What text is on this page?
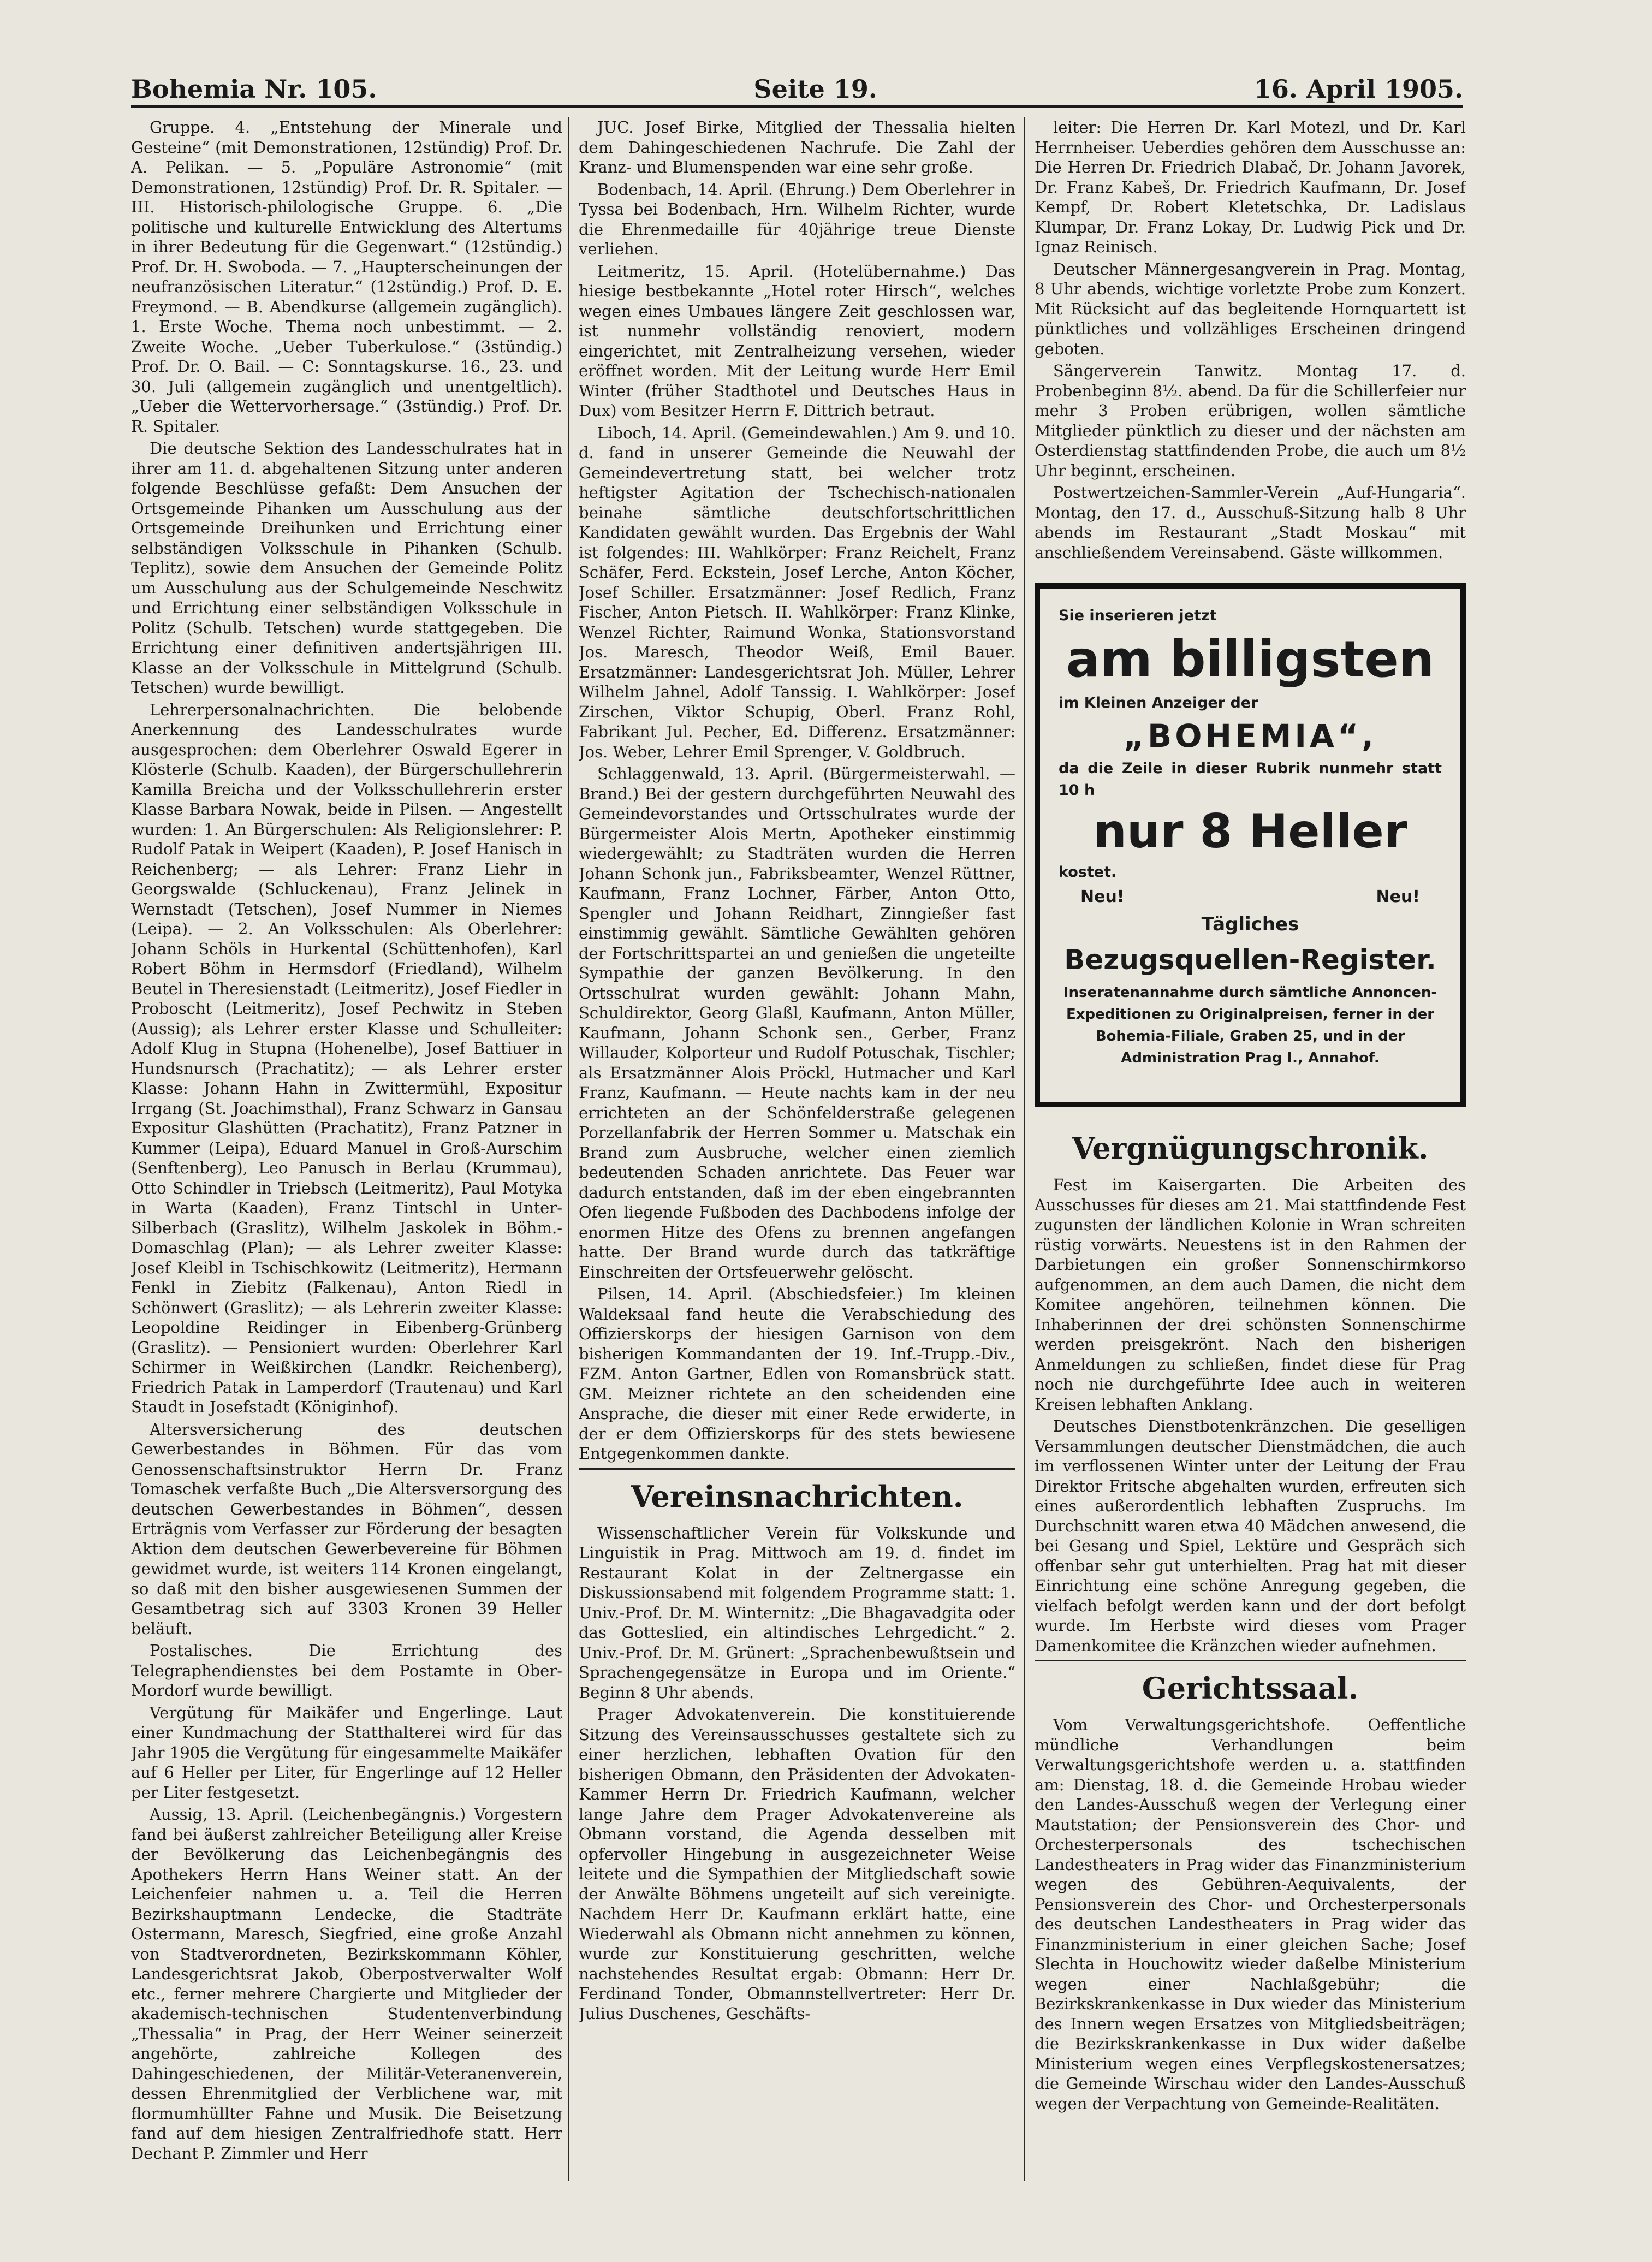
Bohemia Nr. 105.	Seite 19.	16. April 1905.

Gruppe. 4. „Entstehung der Minerale und Gesteine“ (mit Demonstrationen, 12stündig) Prof. Dr. A. Pelikan. — 5. „Populäre Astronomie“ (mit Demonstrationen, 12stündig) Prof. Dr. R. Spitaler. — III. Historisch-philologische Gruppe. 6. „Die politische und kulturelle Entwicklung des Altertums in ihrer Bedeutung für die Gegenwart.“ (12stündig.) Prof. Dr. H. Swoboda. — 7. „Haupterscheinungen der neufranzösischen Literatur.“ (12stündig.) Prof. D. E. Freymond. — B. Abendkurse (allgemein zugänglich). 1. Erste Woche. Thema noch unbestimmt. — 2. Zweite Woche. „Ueber Tuberkulose.“ (3stündig.) Prof. Dr. O. Bail. — C: Sonntagskurse. 16., 23. und 30. Juli (allgemein zugänglich und unentgeltlich). „Ueber die Wettervorhersage.“ (3stündig.) Prof. Dr. R. Spitaler.

Die deutsche Sektion des Landesschulrates hat in ihrer am 11. d. abgehaltenen Sitzung unter anderen folgende Beschlüsse gefaßt: Dem Ansuchen der Ortsgemeinde Pihanken um Ausschulung aus der Ortsgemeinde Dreihunken und Errichtung einer selbständigen Volksschule in Pihanken (Schulb. Teplitz), sowie dem Ansuchen der Gemeinde Politz um Ausschulung aus der Schulgemeinde Neschwitz und Errichtung einer selbständigen Volksschule in Politz (Schulb. Tetschen) wurde stattgegeben. Die Errichtung einer definitiven andertsjährigen III. Klasse an der Volksschule in Mittelgrund (Schulb. Tetschen) wurde bewilligt.

Lehrerpersonalnachrichten. Die belobende Anerkennung des Landesschulrates wurde ausgesprochen: dem Oberlehrer Oswald Egerer in Klösterle (Schulb. Kaaden), der Bürgerschullehrerin Kamilla Breicha und der Volksschullehrerin erster Klasse Barbara Nowak, beide in Pilsen. — Angestellt wurden: 1. An Bürgerschulen: Als Religionslehrer: P. Rudolf Patak in Weipert (Kaaden), P. Josef Hanisch in Reichenberg; — als Lehrer: Franz Liehr in Georgswalde (Schluckenau), Franz Jelinek in Wernstadt (Tetschen), Josef Nummer in Niemes (Leipa). — 2. An Volksschulen: Als Oberlehrer: Johann Schöls in Hurkental (Schüttenhofen), Karl Robert Böhm in Hermsdorf (Friedland), Wilhelm Beutel in Theresienstadt (Leitmeritz), Josef Fiedler in Proboscht (Leitmeritz), Josef Pechwitz in Steben (Aussig); als Lehrer erster Klasse und Schulleiter: Adolf Klug in Stupna (Hohenelbe), Josef Battiuer in Hundsnursch (Prachatitz); — als Lehrer erster Klasse: Johann Hahn in Zwittermühl, Expositur Irrgang (St. Joachimsthal), Franz Schwarz in Gansau Expositur Glashütten (Prachatitz), Franz Patzner in Kummer (Leipa), Eduard Manuel in Groß-Aurschim (Senftenberg), Leo Panusch in Berlau (Krummau), Otto Schindler in Triebsch (Leitmeritz), Paul Motyka in Warta (Kaaden), Franz Tintschl in Unter-Silberbach (Graslitz), Wilhelm Jaskolek in Böhm.-Domaschlag (Plan); — als Lehrer zweiter Klasse: Josef Kleibl in Tschischkowitz (Leitmeritz), Hermann Fenkl in Ziebitz (Falkenau), Anton Riedl in Schönwert (Graslitz); — als Lehrerin zweiter Klasse: Leopoldine Reidinger in Eibenberg-Grünberg (Graslitz). — Pensioniert wurden: Oberlehrer Karl Schirmer in Weißkirchen (Landkr. Reichenberg), Friedrich Patak in Lamperdorf (Trautenau) und Karl Staudt in Josefstadt (Königinhof).

Altersversicherung des deutschen Gewerbestandes in Böhmen. Für das vom Genossenschaftsinstruktor Herrn Dr. Franz Tomaschek verfaßte Buch „Die Altersversorgung des deutschen Gewerbestandes in Böhmen“, dessen Erträgnis vom Verfasser zur Förderung der besagten Aktion dem deutschen Gewerbevereine für Böhmen gewidmet wurde, ist weiters 114 Kronen eingelangt, so daß mit den bisher ausgewiesenen Summen der Gesamtbetrag sich auf 3303 Kronen 39 Heller beläuft.

Postalisches. Die Errichtung des Telegraphendienstes bei dem Postamte in Ober-Mordorf wurde bewilligt.

Vergütung für Maikäfer und Engerlinge. Laut einer Kundmachung der Statthalterei wird für das Jahr 1905 die Vergütung für eingesammelte Maikäfer auf 6 Heller per Liter, für Engerlinge auf 12 Heller per Liter festgesetzt.

Aussig, 13. April. (Leichenbegängnis.) Vorgestern fand bei äußerst zahlreicher Beteiligung aller Kreise der Bevölkerung das Leichenbegängnis des Apothekers Herrn Hans Weiner statt. An der Leichenfeier nahmen u. a. Teil die Herren Bezirkshauptmann Lendecke, die Stadträte Ostermann, Maresch, Siegfried, eine große Anzahl von Stadtverordneten, Bezirkskommann Köhler, Landesgerichtsrat Jakob, Oberpostverwalter Wolf etc., ferner mehrere Chargierte und Mitglieder der akademisch-technischen Studentenverbindung „Thessalia“ in Prag, der Herr Weiner seinerzeit angehörte, zahlreiche Kollegen des Dahingeschiedenen, der Militär-Veteranenverein, dessen Ehrenmitglied der Verblichene war, mit flormumhüllter Fahne und Musik. Die Beisetzung fand auf dem hiesigen Zentralfriedhofe statt. Herr Dechant P. Zimmler und Herr

JUC. Josef Birke, Mitglied der Thessalia hielten dem Dahingeschiedenen Nachrufe. Die Zahl der Kranz- und Blumenspenden war eine sehr große.

Bodenbach, 14. April. (Ehrung.) Dem Oberlehrer in Tyssa bei Bodenbach, Hrn. Wilhelm Richter, wurde die Ehrenmedaille für 40jährige treue Dienste verliehen.

Leitmeritz, 15. April. (Hotelübernahme.) Das hiesige bestbekannte „Hotel roter Hirsch“, welches wegen eines Umbaues längere Zeit geschlossen war, ist nunmehr vollständig renoviert, modern eingerichtet, mit Zentralheizung versehen, wieder eröffnet worden. Mit der Leitung wurde Herr Emil Winter (früher Stadthotel und Deutsches Haus in Dux) vom Besitzer Herrn F. Dittrich betraut.

Liboch, 14. April. (Gemeindewahlen.) Am 9. und 10. d. fand in unserer Gemeinde die Neuwahl der Gemeindevertretung statt, bei welcher trotz heftigster Agitation der Tschechisch-nationalen beinahe sämtliche deutschfortschrittlichen Kandidaten gewählt wurden. Das Ergebnis der Wahl ist folgendes: III. Wahlkörper: Franz Reichelt, Franz Schäfer, Ferd. Eckstein, Josef Lerche, Anton Köcher, Josef Schiller. Ersatzmänner: Josef Redlich, Franz Fischer, Anton Pietsch. II. Wahlkörper: Franz Klinke, Wenzel Richter, Raimund Wonka, Stationsvorstand Jos. Maresch, Theodor Weiß, Emil Bauer. Ersatzmänner: Landesgerichtsrat Joh. Müller, Lehrer Wilhelm Jahnel, Adolf Tanssig. I. Wahlkörper: Josef Zirschen, Viktor Schupig, Oberl. Franz Rohl, Fabrikant Jul. Pecher, Ed. Differenz. Ersatzmänner: Jos. Weber, Lehrer Emil Sprenger, V. Goldbruch.

Schlaggenwald, 13. April. (Bürgermeisterwahl. — Brand.) Bei der gestern durchgeführten Neuwahl des Gemeindevorstandes und Ortsschulrates wurde der Bürgermeister Alois Mertn, Apotheker einstimmig wiedergewählt; zu Stadträten wurden die Herren Johann Schonk jun., Fabriksbeamter, Wenzel Rüttner, Kaufmann, Franz Lochner, Färber, Anton Otto, Spengler und Johann Reidhart, Zinngießer fast einstimmig gewählt. Sämtliche Gewählten gehören der Fortschrittspartei an und genießen die ungeteilte Sympathie der ganzen Bevölkerung. In den Ortsschulrat wurden gewählt: Johann Mahn, Schuldirektor, Georg Glaßl, Kaufmann, Anton Müller, Kaufmann, Johann Schonk sen., Gerber, Franz Willauder, Kolporteur und Rudolf Potuschak, Tischler; als Ersatzmänner Alois Pröckl, Hutmacher und Karl Franz, Kaufmann. — Heute nachts kam in der neu errichteten an der Schönfelderstraße gelegenen Porzellanfabrik der Herren Sommer u. Matschak ein Brand zum Ausbruche, welcher einen ziemlich bedeutenden Schaden anrichtete. Das Feuer war dadurch entstanden, daß im der eben eingebrannten Ofen liegende Fußboden des Dachbodens infolge der enormen Hitze des Ofens zu brennen angefangen hatte. Der Brand wurde durch das tatkräftige Einschreiten der Ortsfeuerwehr gelöscht.

Pilsen, 14. April. (Abschiedsfeier.) Im kleinen Waldeksaal fand heute die Verabschiedung des Offizierskorps der hiesigen Garnison von dem bisherigen Kommandanten der 19. Inf.-Trupp.-Div., FZM. Anton Gartner, Edlen von Romansbrück statt. GM. Meizner richtete an den scheidenden eine Ansprache, die dieser mit einer Rede erwiderte, in der er dem Offizierskorps für des stets bewiesene Entgegenkommen dankte.

Vereinsnachrichten.

Wissenschaftlicher Verein für Volkskunde und Linguistik in Prag. Mittwoch am 19. d. findet im Restaurant Kolat in der Zeltnergasse ein Diskussionsabend mit folgendem Programme statt: 1. Univ.-Prof. Dr. M. Winternitz: „Die Bhagavadgita oder das Gotteslied, ein altindisches Lehrgedicht.“ 2. Univ.-Prof. Dr. M. Grünert: „Sprachenbewußtsein und Sprachengegensätze in Europa und im Oriente.“ Beginn 8 Uhr abends.

Prager Advokatenverein. Die konstituierende Sitzung des Vereinsausschusses gestaltete sich zu einer herzlichen, lebhaften Ovation für den bisherigen Obmann, den Präsidenten der Advokaten-Kammer Herrn Dr. Friedrich Kaufmann, welcher lange Jahre dem Prager Advokatenvereine als Obmann vorstand, die Agenda desselben mit opfervoller Hingebung in ausgezeichneter Weise leitete und die Sympathien der Mitgliedschaft sowie der Anwälte Böhmens ungeteilt auf sich vereinigte. Nachdem Herr Dr. Kaufmann erklärt hatte, eine Wiederwahl als Obmann nicht annehmen zu können, wurde zur Konstituierung geschritten, welche nachstehendes Resultat ergab: Obmann: Herr Dr. Ferdinand Tonder, Obmannstellvertreter: Herr Dr. Julius Duschenes, Geschäfts-

leiter: Die Herren Dr. Karl Motezl, und Dr. Karl Herrnheiser. Ueberdies gehören dem Ausschusse an: Die Herren Dr. Friedrich Dlabač, Dr. Johann Javorek, Dr. Franz Kabeš, Dr. Friedrich Kaufmann, Dr. Josef Kempf, Dr. Robert Kletetschka, Dr. Ladislaus Klumpar, Dr. Franz Lokay, Dr. Ludwig Pick und Dr. Ignaz Reinisch.

Deutscher Männergesangverein in Prag. Montag, 8 Uhr abends, wichtige vorletzte Probe zum Konzert. Mit Rücksicht auf das begleitende Hornquartett ist pünktliches und vollzähliges Erscheinen dringend geboten.

Sängerverein Tanwitz. Montag 17. d. Probenbeginn 8½. abend. Da für die Schillerfeier nur mehr 3 Proben erübrigen, wollen sämtliche Mitglieder pünktlich zu dieser und der nächsten am Osterdienstag stattfindenden Probe, die auch um 8½ Uhr beginnt, erscheinen.

Postwertzeichen-Sammler-Verein „Auf-Hungaria“. Montag, den 17. d., Ausschuß-Sitzung halb 8 Uhr abends im Restaurant „Stadt Moskau“ mit anschließendem Vereinsabend. Gäste willkommen.

Sie inserieren jetzt
am billigsten
im Kleinen Anzeiger der
„BOHEMIA“,
da die Zeile in dieser Rubrik nunmehr statt 10 h
nur 8 Heller
kostet.
Neu!	Neu!
Tägliches
Bezugsquellen-Register.
Inseratenannahme durch sämtliche Annoncen-Expeditionen zu Originalpreisen, ferner in der Bohemia-Filiale, Graben 25, und in der Administration Prag I., Annahof.
Vergnügungschronik.

Fest im Kaisergarten. Die Arbeiten des Ausschusses für dieses am 21. Mai stattfindende Fest zugunsten der ländlichen Kolonie in Wran schreiten rüstig vorwärts. Neuestens ist in den Rahmen der Darbietungen ein großer Sonnenschirmkorso aufgenommen, an dem auch Damen, die nicht dem Komitee angehören, teilnehmen können. Die Inhaberinnen der drei schönsten Sonnenschirme werden preisgekrönt. Nach den bisherigen Anmeldungen zu schließen, findet diese für Prag noch nie durchgeführte Idee auch in weiteren Kreisen lebhaften Anklang.

Deutsches Dienstbotenkränzchen. Die geselligen Versammlungen deutscher Dienstmädchen, die auch im verflossenen Winter unter der Leitung der Frau Direktor Fritsche abgehalten wurden, erfreuten sich eines außerordentlich lebhaften Zuspruchs. Im Durchschnitt waren etwa 40 Mädchen anwesend, die bei Gesang und Spiel, Lektüre und Gespräch sich offenbar sehr gut unterhielten. Prag hat mit dieser Einrichtung eine schöne Anregung gegeben, die vielfach befolgt werden kann und der dort befolgt wurde. Im Herbste wird dieses vom Prager Damenkomitee die Kränzchen wieder aufnehmen.

Gerichtssaal.

Vom Verwaltungsgerichtshofe. Oeffentliche mündliche Verhandlungen beim Verwaltungsgerichtshofe werden u. a. stattfinden am: Dienstag, 18. d. die Gemeinde Hrobau wieder den Landes-Ausschuß wegen der Verlegung einer Mautstation; der Pensionsverein des Chor- und Orchesterpersonals des tschechischen Landestheaters in Prag wider das Finanzministerium wegen des Gebühren-Aequivalents, der Pensionsverein des Chor- und Orchesterpersonals des deutschen Landestheaters in Prag wider das Finanzministerium in einer gleichen Sache; Josef Slechta in Houchowitz wieder daßelbe Ministerium wegen einer Nachlaßgebühr; die Bezirkskrankenkasse in Dux wieder das Ministerium des Innern wegen Ersatzes von Mitgliedsbeiträgen; die Bezirkskrankenkasse in Dux wider daßelbe Ministerium wegen eines Verpflegskostenersatzes; die Gemeinde Wirschau wider den Landes-Ausschuß wegen der Verpachtung von Gemeinde-Realitäten.
